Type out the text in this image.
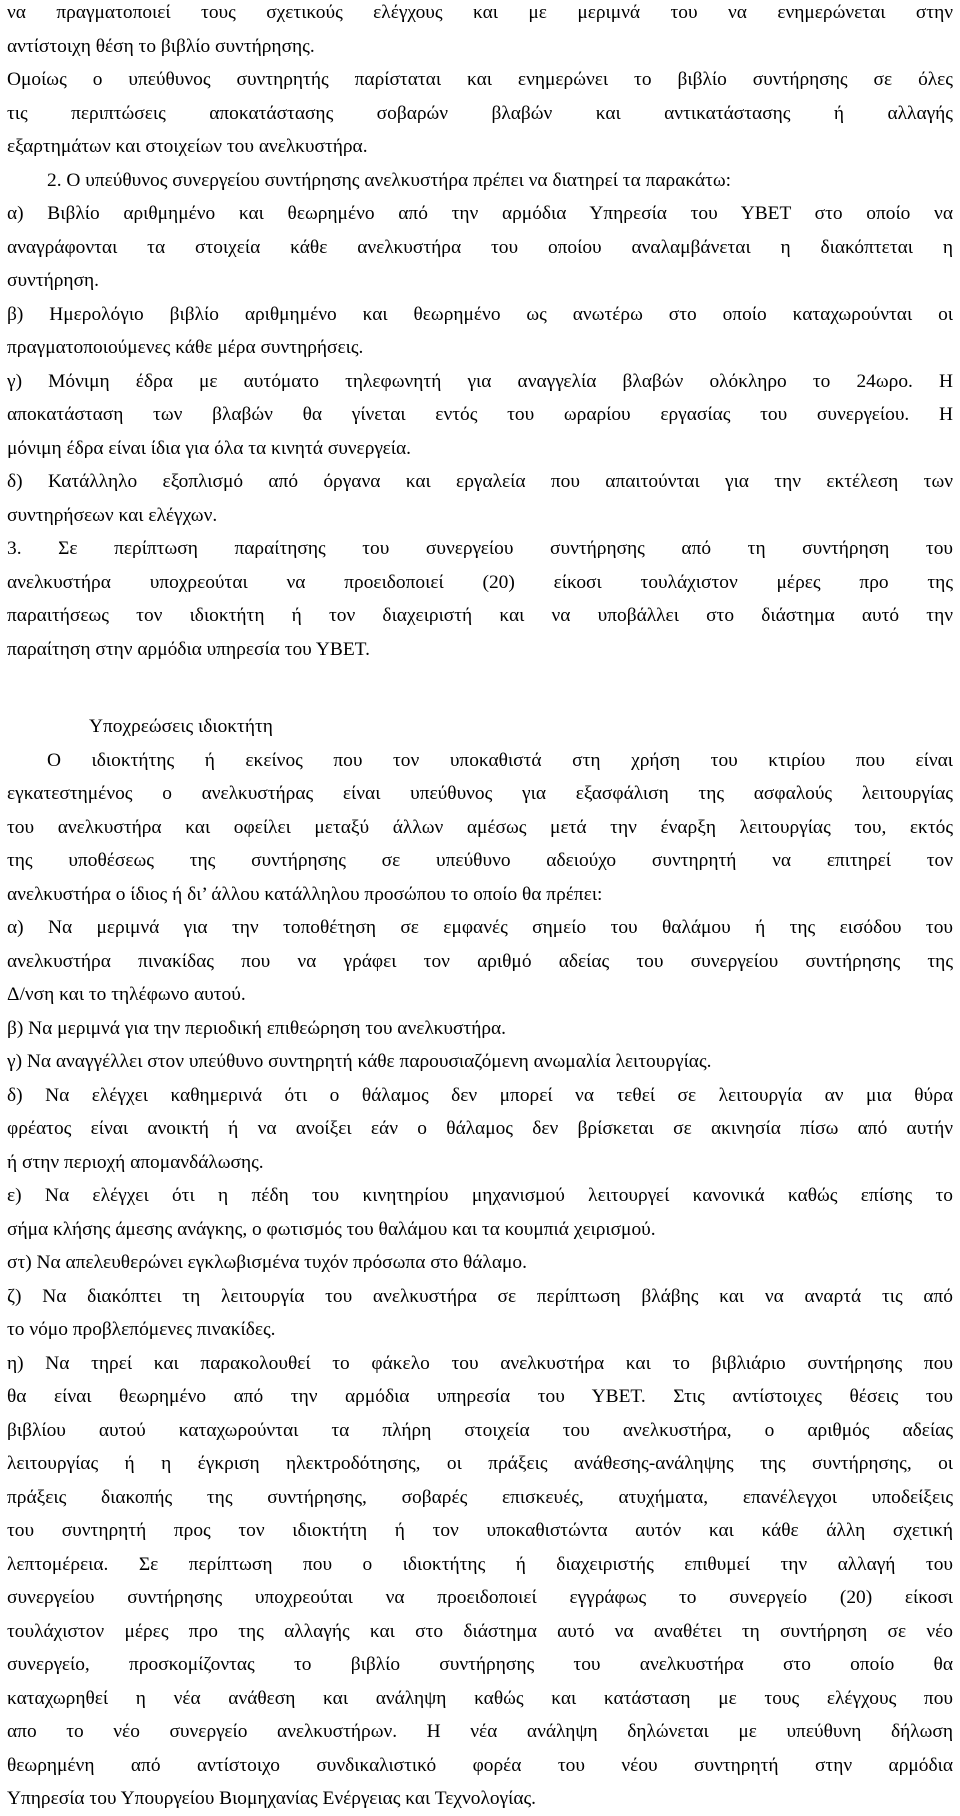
να πραγματοποιεί τους σχετικούς ελέγχους και με μεριμνά του να ενημερώνεται στην
αντίστοιχη θέση το βιβλίο συντήρησης.
Ομοίως ο υπεύθυνος συντηρητής παρίσταται και ενημερώνει το βιβλίο συντήρησης σε όλες
τις περιπτώσεις αποκατάστασης σοβαρών βλαβών και αντικατάστασης ή αλλαγής
εξαρτημάτων και στοιχείων του ανελκυστήρα.
2. Ο υπεύθυνος συνεργείου συντήρησης ανελκυστήρα πρέπει να διατηρεί τα παρακάτω:
α) Βιβλίο αριθμημένο και θεωρημένο από την αρμόδια Υπηρεσία του ΥΒΕΤ στο οποίο να
αναγράφονται τα στοιχεία κάθε ανελκυστήρα του οποίου αναλαμβάνεται η διακόπτεται η
συντήρηση.
β) Ημερολόγιο βιβλίο αριθμημένο και θεωρημένο ως ανωτέρω στο οποίο καταχωρούνται οι
πραγματοποιούμενες κάθε μέρα συντηρήσεις.
γ) Μόνιμη έδρα με αυτόματο τηλεφωνητή για αναγγελία βλαβών ολόκληρο το 24ωρο. Η
αποκατάσταση των βλαβών θα γίνεται εντός του ωραρίου εργασίας του συνεργείου. Η
μόνιμη έδρα είναι ίδια για όλα τα κινητά συνεργεία.
δ) Κατάλληλο εξοπλισμό από όργανα και εργαλεία που απαιτούνται για την εκτέλεση των
συντηρήσεων και ελέγχων.
3. Σε περίπτωση παραίτησης του συνεργείου συντήρησης από τη συντήρηση του
ανελκυστήρα υποχρεούται να προειδοποιεί (20) είκοσι τουλάχιστον μέρες προ της
παραιτήσεως τον ιδιοκτήτη ή τον διαχειριστή και να υποβάλλει στο διάστημα αυτό την
παραίτηση στην αρμόδια υπηρεσία του ΥΒΕΤ.
Υποχρεώσεις ιδιοκτήτη
Ο ιδιοκτήτης ή εκείνος που τον υποκαθιστά στη χρήση του κτιρίου που είναι
εγκατεστημένος ο ανελκυστήρας είναι υπεύθυνος για εξασφάλιση της ασφαλούς λειτουργίας
του ανελκυστήρα και οφείλει μεταξύ άλλων αμέσως μετά την έναρξη λειτουργίας του, εκτός
της υποθέσεως της συντήρησης σε υπεύθυνο αδειούχο συντηρητή να επιτηρεί τον
ανελκυστήρα ο ίδιος ή δι’ άλλου κατάλληλου προσώπου το οποίο θα πρέπει:
α) Να μεριμνά για την τοποθέτηση σε εμφανές σημείο του θαλάμου ή της εισόδου του
ανελκυστήρα πινακίδας που να γράφει τον αριθμό αδείας του συνεργείου συντήρησης της
Δ/νση και το τηλέφωνο αυτού.
β) Να μεριμνά για την περιοδική επιθεώρηση του ανελκυστήρα.
γ) Να αναγγέλλει στον υπεύθυνο συντηρητή κάθε παρουσιαζόμενη ανωμαλία λειτουργίας.
δ) Να ελέγχει καθημερινά ότι ο θάλαμος δεν μπορεί να τεθεί σε λειτουργία αν μια θύρα
φρέατος είναι ανοικτή ή να ανοίξει εάν ο θάλαμος δεν βρίσκεται σε ακινησία πίσω από αυτήν
ή στην περιοχή απομανδάλωσης.
ε) Να ελέγχει ότι η πέδη του κινητηρίου μηχανισμού λειτουργεί κανονικά καθώς επίσης το
σήμα κλήσης άμεσης ανάγκης, ο φωτισμός του θαλάμου και τα κουμπιά χειρισμού.
στ) Να απελευθερώνει εγκλωβισμένα τυχόν πρόσωπα στο θάλαμο.
ζ) Να διακόπτει τη λειτουργία του ανελκυστήρα σε περίπτωση βλάβης και να αναρτά τις από
το νόμο προβλεπόμενες πινακίδες.
η) Να τηρεί και παρακολουθεί το φάκελο του ανελκυστήρα και το βιβλιάριο συντήρησης που
θα είναι θεωρημένο από την αρμόδια υπηρεσία του ΥΒΕΤ. Στις αντίστοιχες θέσεις του
βιβλίου αυτού καταχωρούνται τα πλήρη στοιχεία του ανελκυστήρα, ο αριθμός αδείας
λειτουργίας ή η έγκριση ηλεκτροδότησης, οι πράξεις ανάθεσης-ανάληψης της συντήρησης, οι
πράξεις διακοπής της συντήρησης, σοβαρές επισκευές, ατυχήματα, επανέλεγχοι υποδείξεις
του συντηρητή προς τον ιδιοκτήτη ή τον υποκαθιστώντα αυτόν και κάθε άλλη σχετική
λεπτομέρεια. Σε περίπτωση που ο ιδιοκτήτης ή διαχειριστής επιθυμεί την αλλαγή του
συνεργείου συντήρησης υποχρεούται να προειδοποιεί εγγράφως το συνεργείο (20) είκοσι
τουλάχιστον μέρες προ της αλλαγής και στο διάστημα αυτό να αναθέτει τη συντήρηση σε νέο
συνεργείο, προσκομίζοντας το βιβλίο συντήρησης του ανελκυστήρα στο οποίο θα
καταχωρηθεί η νέα ανάθεση και ανάληψη καθώς και κατάσταση με τους ελέγχους που
απο το νέο συνεργείο ανελκυστήρων. Η νέα ανάληψη δηλώνεται με υπεύθυνη δήλωση
θεωρημένη από αντίστοιχο συνδικαλιστικό φορέα του νέου συντηρητή στην αρμόδια
Υπηρεσία του Υπουργείου Βιομηχανίας Ενέργειας και Τεχνολογίας.
